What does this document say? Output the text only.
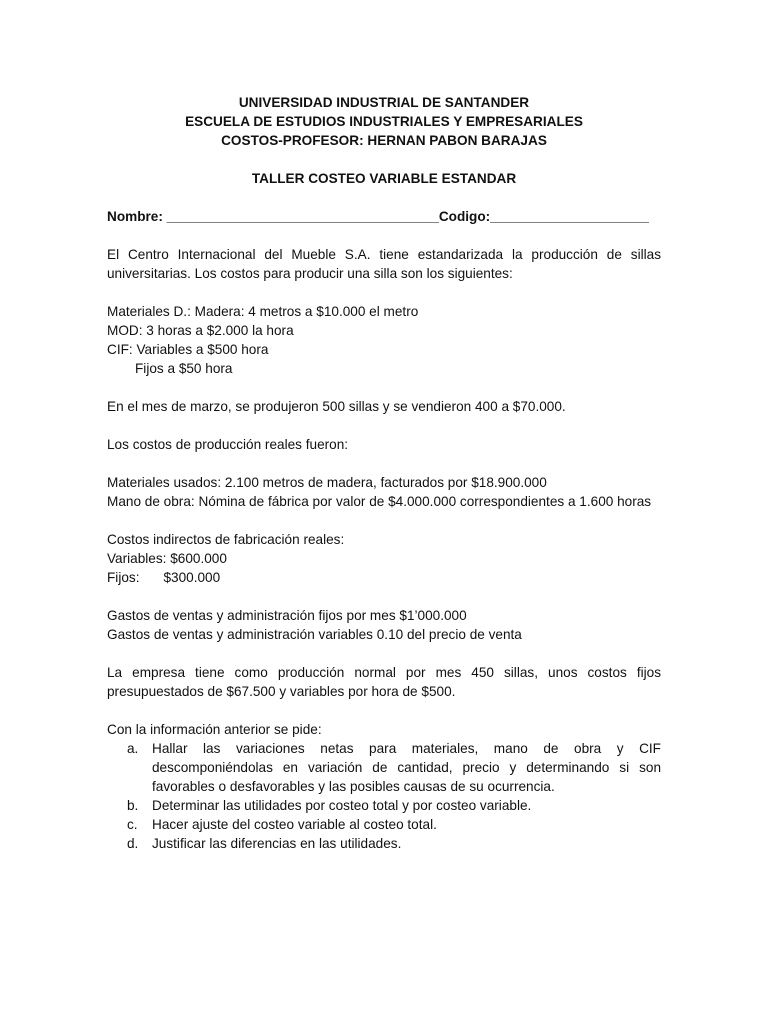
UNIVERSIDAD INDUSTRIAL DE SANTANDER

ESCUELA DE ESTUDIOS INDUSTRIALES Y EMPRESARIALES

COSTOS-PROFESOR: HERNAN PABON BARAJAS

TALLER COSTEO VARIABLE ESTANDAR

Nombre: ____________________________________Codigo:_____________________

El Centro Internacional del Mueble S.A. tiene estandarizada la producción de sillas universitarias. Los costos para producir una silla son los siguientes:

Materiales D.: Madera: 4 metros a $10.000 el metro

MOD: 3 horas a $2.000 la hora

CIF: Variables a $500 hora

Fijos a $50 hora

En el mes de marzo, se produjeron 500 sillas y se vendieron 400 a $70.000.

Los costos de producción reales fueron:

Materiales usados: 2.100 metros de madera, facturados por $18.900.000

Mano de obra: Nómina de fábrica por valor de $4.000.000 correspondientes a 1.600 horas

Costos indirectos de fabricación reales:

Variables: $600.000

Fijos: $300.000

Gastos de ventas y administración fijos por mes $1’000.000

Gastos de ventas y administración variables 0.10 del precio de venta

La empresa tiene como producción normal por mes 450 sillas, unos costos fijos presupuestados de $67.500 y variables por hora de $500.

Con la información anterior se pide:

a.	Hallar las variaciones netas para materiales, mano de obra y CIF descomponiéndolas en variación de cantidad, precio y determinando si son favorables o desfavorables y las posibles causas de su ocurrencia.
b.	Determinar las utilidades por costeo total y por costeo variable.
c.	Hacer ajuste del costeo variable al costeo total.
d.	Justificar las diferencias en las utilidades.
